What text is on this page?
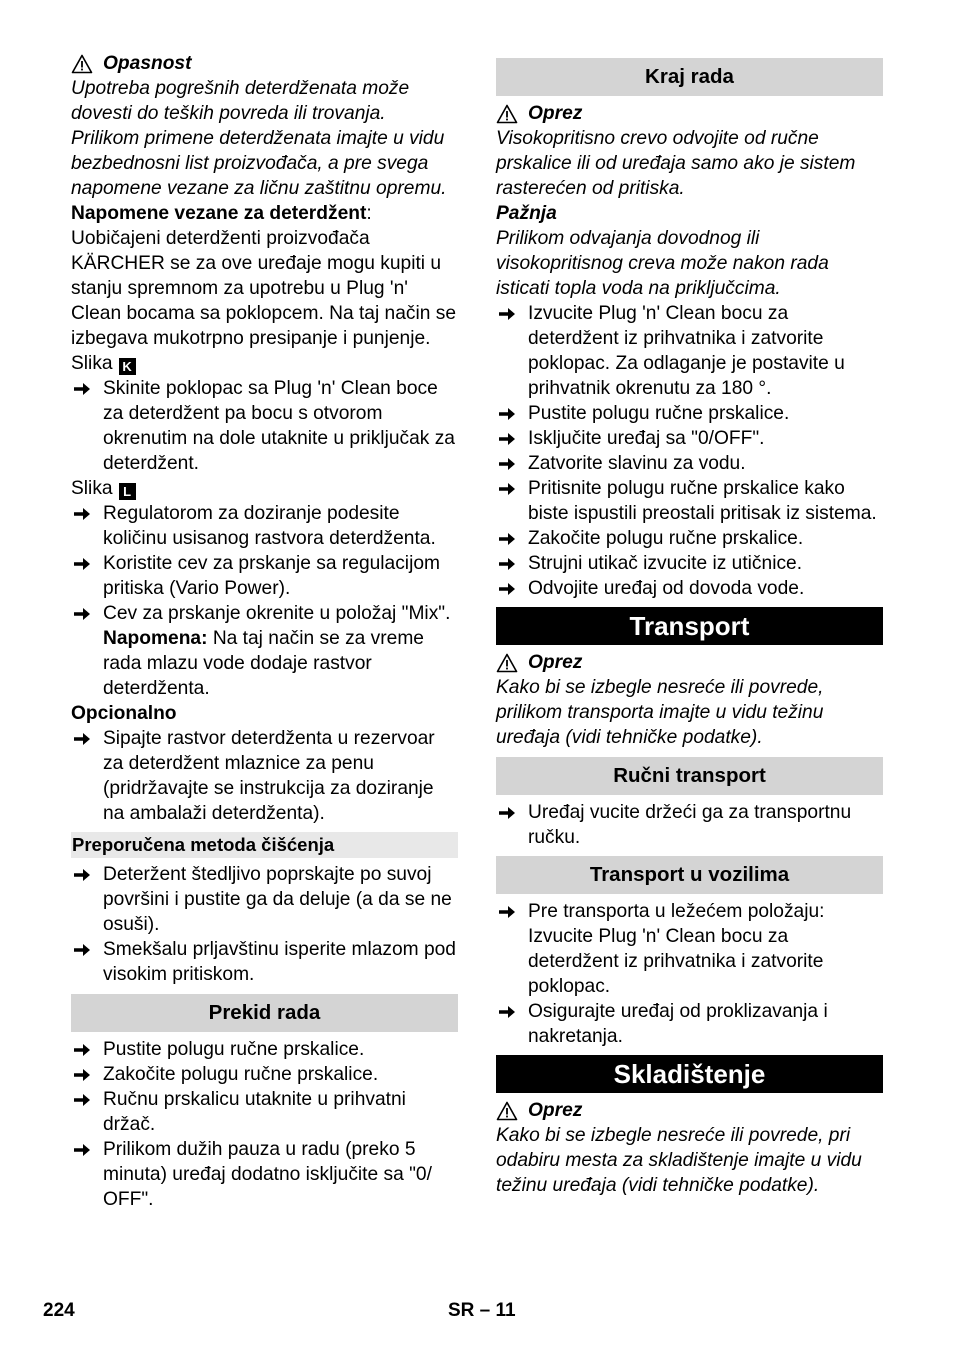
Opasnost

Upotreba pogrešnih deterdženata može dovesti do teških povreda ili trovanja. Prilikom primene deterdženata imajte u vidu bezbednosni list proizvođača, a pre svega napomene vezane za ličnu zaštitnu opremu.

Napomene vezane za deterdžent:

Uobičajeni deterdženti proizvođača KÄRCHER se za ove uređaje mogu kupiti u stanju spremnom za upotrebu u Plug 'n' Clean bocama sa poklopcem. Na taj način se izbegava mukotrpno presipanje i punjenje.

Slika K

Skinite poklopac sa Plug 'n' Clean boce za deterdžent pa bocu s otvorom okrenutim na dole utaknite u priključak za deterdžent.

Slika L

Regulatorom za doziranje podesite količinu usisanog rastvora deterdženta.
Koristite cev za prskanje sa regulacijom pritiska (Vario Power).
Cev za prskanje okrenite u položaj "Mix".
Napomena: Na taj način se za vreme rada mlazu vode dodaje rastvor deterdženta.

Opcionalno

Sipajte rastvor deterdženta u rezervoar za deterdžent mlaznice za penu (pridržavajte se instrukcija za doziranje na ambalaži deterdženta).
Preporučena metoda čišćenja
Deteržent štedljivo poprskajte po suvoj površini i pustite ga da deluje (a da se ne osuši).
Smekšalu prljavštinu isperite mlazom pod visokim pritiskom.
Prekid rada
Pustite polugu ručne prskalice.
Zakočite polugu ručne prskalice.
Ručnu prskalicu utaknite u prihvatni držač.
Prilikom dužih pauza u radu (preko 5 minuta) uređaj dodatno isključite sa "0/ OFF".
Kraj rada

Oprez

Visokopritisno crevo odvojite od ručne prskalice ili od uređaja samo ako je sistem rasterećen od pritiska.

Pažnja

Prilikom odvajanja dovodnog ili visokopritisnog creva može nakon rada isticati topla voda na priključcima.

Izvucite Plug 'n' Clean bocu za deterdžent iz prihvatnika i zatvorite poklopac. Za odlaganje je postavite u prihvatnik okrenutu za 180 °.
Pustite polugu ručne prskalice.
Isključite uređaj sa "0/OFF".
Zatvorite slavinu za vodu.
Pritisnite polugu ručne prskalice kako biste ispustili preostali pritisak iz sistema.
Zakočite polugu ručne prskalice.
Strujni utikač izvucite iz utičnice.
Odvojite uređaj od dovoda vode.
Transport

Oprez

Kako bi se izbegle nesreće ili povrede, prilikom transporta imajte u vidu težinu uređaja (vidi tehničke podatke).

Ručni transport
Uređaj vucite držeći ga za transportnu ručku.
Transport u vozilima
Pre transporta u ležećem položaju: Izvucite Plug 'n' Clean bocu za deterdžent iz prihvatnika i zatvorite poklopac.
Osigurajte uređaj od proklizavanja i nakretanja.
Skladištenje

Oprez

Kako bi se izbegle nesreće ili povrede, pri odabiru mesta za skladištenje imajte u vidu težinu uređaja (vidi tehničke podatke).

224	SR – 11
